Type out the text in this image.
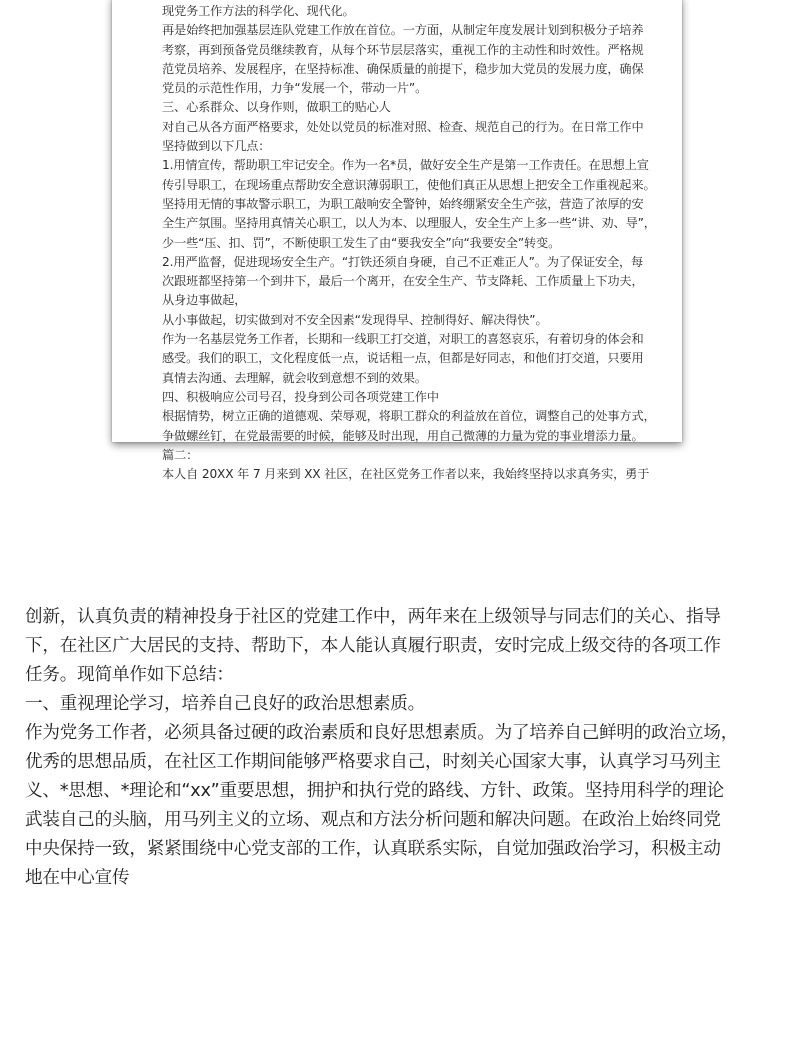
现党务工作方法的科学化、现代化。
再是始终把加强基层连队党建工作放在首位。一方面，从制定年度发展计划到积极分子培养
考察，再到预备党员继续教育，从每个环节层层落实，重视工作的主动性和时效性。严格规
范党员培养、发展程序，在坚持标准、确保质量的前提下，稳步加大党员的发展力度，确保
党员的示范性作用，力争“发展一个，带动一片”。
三、心系群众、以身作则，做职工的贴心人
对自己从各方面严格要求，处处以党员的标准对照、检查、规范自己的行为。在日常工作中
坚持做到以下几点：
1.用情宣传，帮助职工牢记安全。作为一名*员，做好安全生产是第一工作责任。在思想上宣
传引导职工，在现场重点帮助安全意识薄弱职工，使他们真正从思想上把安全工作重视起来。
坚持用无情的事故警示职工，为职工敲响安全警钟，始终绷紧安全生产弦，营造了浓厚的安
全生产氛围。坚持用真情关心职工，以人为本、以理服人，安全生产上多一些“讲、劝、导”，
少一些“压、扣、罚”，不断使职工发生了由“要我安全”向“我要安全”转变。
2.用严监督，促进现场安全生产。“打铁还须自身硬，自己不正难正人”。为了保证安全，每
次跟班都坚持第一个到井下，最后一个离开，在安全生产、节支降耗、工作质量上下功夫，
从身边事做起，
从小事做起，切实做到对不安全因素“发现得早、控制得好、解决得快”。
作为一名基层党务工作者，长期和一线职工打交道，对职工的喜怒哀乐，有着切身的体会和
感受。我们的职工，文化程度低一点，说话粗一点，但都是好同志，和他们打交道，只要用
真情去沟通、去理解，就会收到意想不到的效果。
四、积极响应公司号召，投身到公司各项党建工作中
根据情势，树立正确的道德观、荣辱观，将职工群众的利益放在首位，调整自己的处事方式，
争做螺丝钉，在党最需要的时候，能够及时出现，用自己微薄的力量为党的事业增添力量。
篇二：
本人自 20XX 年 7 月来到 XX 社区，在社区党务工作者以来，我始终坚持以求真务实，勇于
创新，认真负责的精神投身于社区的党建工作中，两年来在上级领导与同志们的关心、指导
下，在社区广大居民的支持、帮助下，本人能认真履行职责，安时完成上级交待的各项工作
任务。现简单作如下总结：
一、重视理论学习，培养自己良好的政治思想素质。
作为党务工作者，必须具备过硬的政治素质和良好思想素质。为了培养自己鲜明的政治立场，
优秀的思想品质，在社区工作期间能够严格要求自己，时刻关心国家大事，认真学习马列主
义、*思想、*理论和“xx”重要思想，拥护和执行党的路线、方针、政策。坚持用科学的理论
武装自己的头脑，用马列主义的立场、观点和方法分析问题和解决问题。在政治上始终同党
中央保持一致，紧紧围绕中心党支部的工作，认真联系实际，自觉加强政治学习，积极主动
地在中心宣传
